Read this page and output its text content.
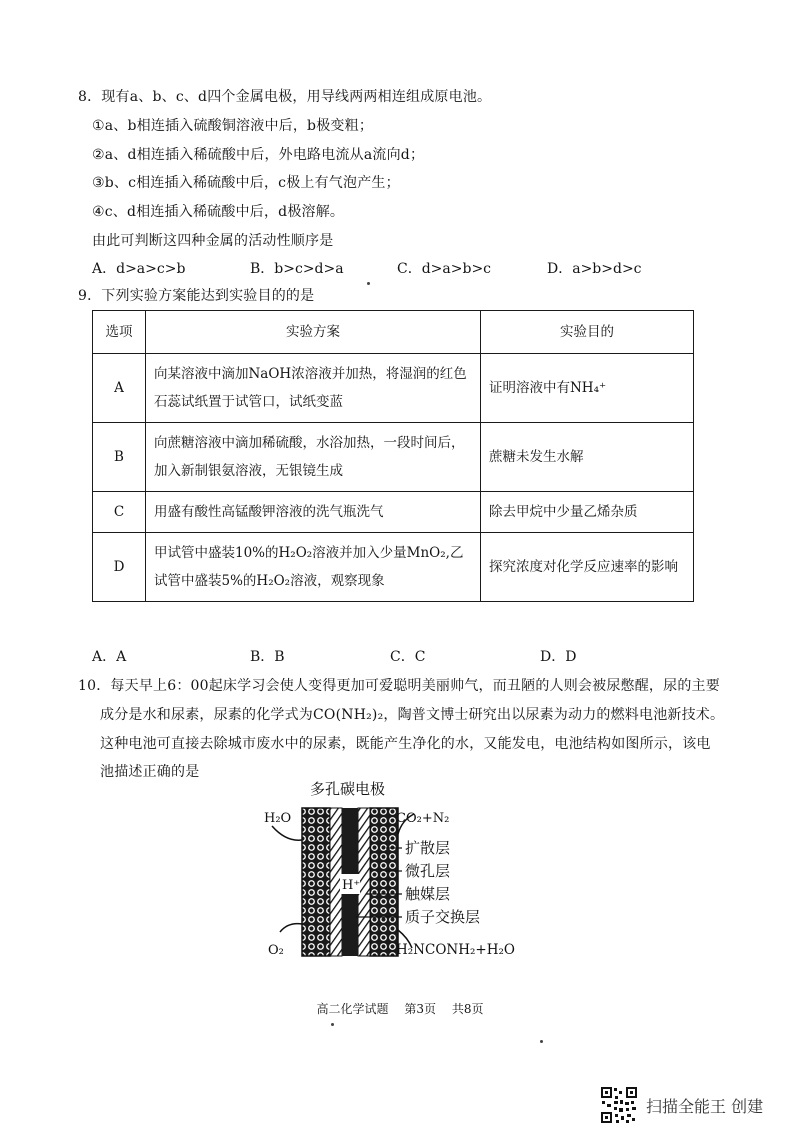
8．现有a、b、c、d四个金属电极，用导线两两相连组成原电池。
①a、b相连插入硫酸铜溶液中后，b极变粗；
②a、d相连插入稀硫酸中后，外电路电流从a流向d；
③b、c相连插入稀硫酸中后，c极上有气泡产生；
④c、d相连插入稀硫酸中后，d极溶解。
由此可判断这四种金属的活动性顺序是
A．d>a>c>b	B．b>c>d>a	C．d>a>b>c	D．a>b>d>c
9．下列实验方案能达到实验目的的是
选项	实验方案	实验目的
A	向某溶液中滴加NaOH浓溶液并加热，将湿润的红色石蕊试纸置于试管口，试纸变蓝	证明溶液中有NH₄⁺
B	向蔗糖溶液中滴加稀硫酸，水浴加热，一段时间后，加入新制银氨溶液，无银镜生成	蔗糖未发生水解
C	用盛有酸性高锰酸钾溶液的洗气瓶洗气	除去甲烷中少量乙烯杂质
D	甲试管中盛装10%的H₂O₂溶液并加入少量MnO₂,乙试管中盛装5%的H₂O₂溶液，观察现象	探究浓度对化学反应速率的影响
A．A	B．B	C．C	D．D
10．每天早上6：00起床学习会使人变得更加可爱聪明美丽帅气，而丑陋的人则会被尿憋醒，尿的主要
成分是水和尿素，尿素的化学式为CO(NH₂)₂，陶普文博士研究出以尿素为动力的燃料电池新技术。
这种电池可直接去除城市废水中的尿素，既能产生净化的水，又能发电，电池结构如图所示，该电
池描述正确的是
多孔碳电极
H₂O	CO₂+N₂
H⁺
扩散层
微孔层
触媒层
质子交换层
O₂	H₂NCONH₂+H₂O
高二化学试题 第3页 共8页
扫描全能王 创建
